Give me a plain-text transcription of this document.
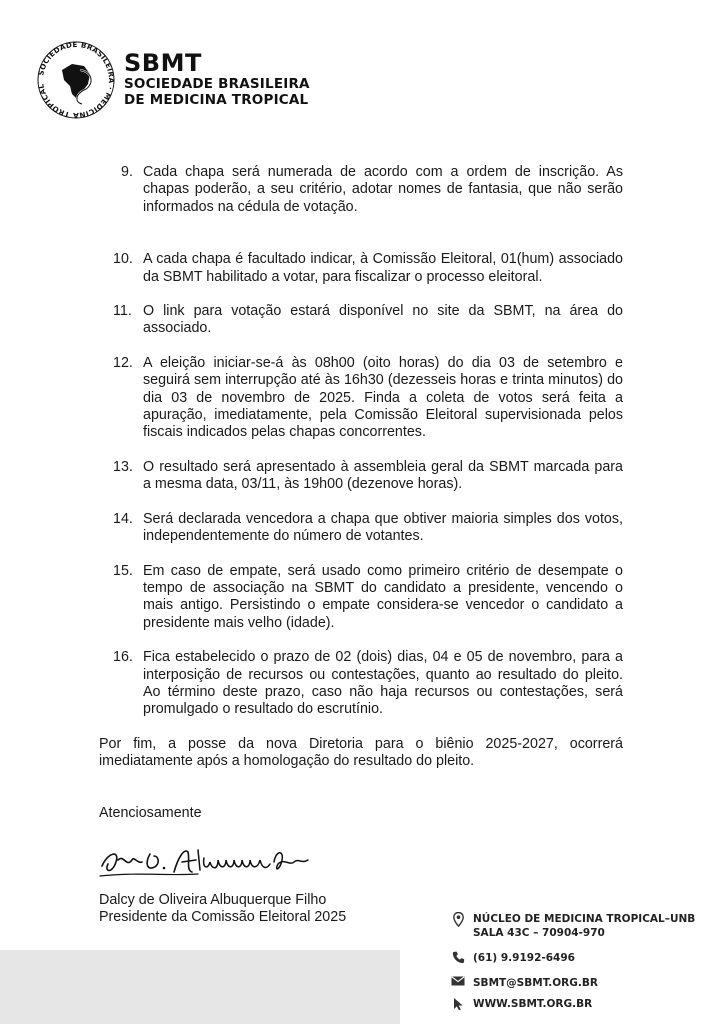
SOCIEDADE BRASILEIRA · MEDICINA TROPICAL
SBMT
SOCIEDADE BRASILEIRA
DE MEDICINA TROPICAL
9. Cada chapa será numerada de acordo com a ordem de inscrição. As chapas poderão, a seu critério, adotar nomes de fantasia, que não serão informados na cédula de votação.
10. A cada chapa é facultado indicar, à Comissão Eleitoral, 01(hum) associado da SBMT habilitado a votar, para fiscalizar o processo eleitoral.
11. O link para votação estará disponível no site da SBMT, na área do associado.
12. A eleição iniciar-se-á às 08h00 (oito horas) do dia 03 de setembro e seguirá sem interrupção até às 16h30 (dezesseis horas e trinta minutos) do dia 03 de novembro de 2025. Finda a coleta de votos será feita a apuração, imediatamente, pela Comissão Eleitoral supervisionada pelos fiscais indicados pelas chapas concorrentes.
13. O resultado será apresentado à assembleia geral da SBMT marcada para a mesma data, 03/11, às 19h00 (dezenove horas).
14. Será declarada vencedora a chapa que obtiver maioria simples dos votos, independentemente do número de votantes.
15. Em caso de empate, será usado como primeiro critério de desempate o tempo de associação na SBMT do candidato a presidente, vencendo o mais antigo. Persistindo o empate considera-se vencedor o candidato a presidente mais velho (idade).
16. Fica estabelecido o prazo de 02 (dois) dias, 04 e 05 de novembro, para a interposição de recursos ou contestações, quanto ao resultado do pleito. Ao término deste prazo, caso não haja recursos ou contestações, será promulgado o resultado do escrutínio.

Por fim, a posse da nova Diretoria para o biênio 2025-2027, ocorrerá imediatamente após a homologação do resultado do pleito.

Atenciosamente

Dalcy de Oliveira Albuquerque Filho
Presidente da Comissão Eleitoral 2025	NÚCLEO DE MEDICINA TROPICAL–UNB
SALA 43C – 70904-970
(61) 9.9192-6496
SBMT@SBMT.ORG.BR
WWW.SBMT.ORG.BR
